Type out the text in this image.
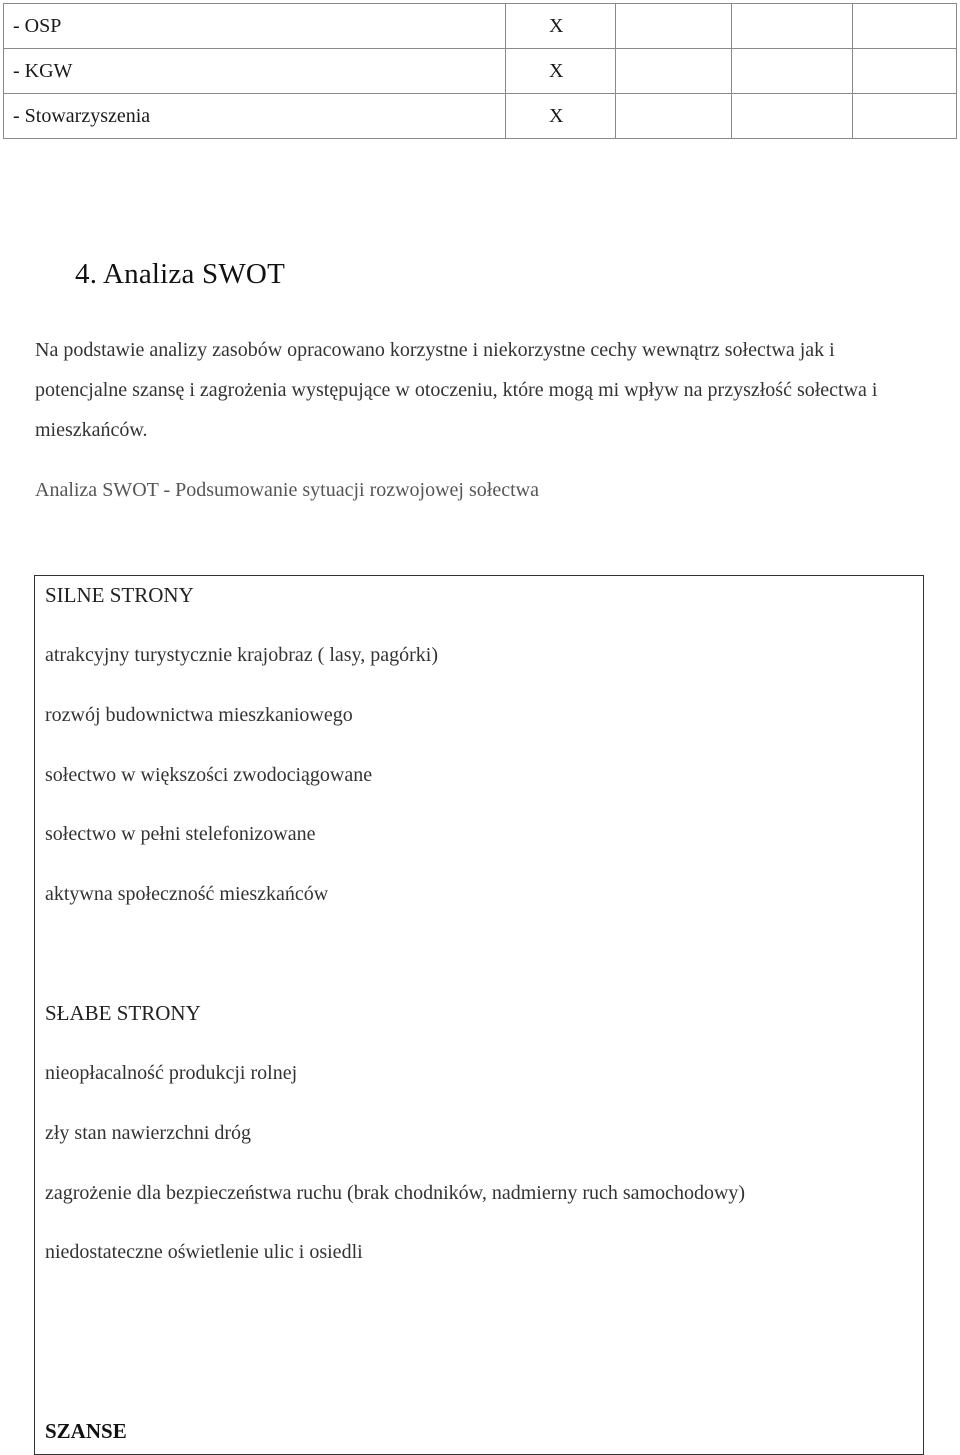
- OSP	X			
- KGW	X			
- Stowarzyszenia	X			
4. Analiza SWOT

Na podstawie analizy zasobów opracowano korzystne i niekorzystne cechy wewnątrz sołectwa jak i potencjalne szansę i zagrożenia występujące w otoczeniu, które mogą mi wpływ na przyszłość sołectwa i mieszkańców.

Analiza SWOT - Podsumowanie sytuacji rozwojowej sołectwa

SILNE STRONY

atrakcyjny turystycznie krajobraz ( lasy, pagórki)

rozwój budownictwa mieszkaniowego

sołectwo w większości zwodociągowane

sołectwo w pełni stelefonizowane

aktywna społeczność mieszkańców

SŁABE STRONY

nieopłacalność produkcji rolnej

zły stan nawierzchni dróg

zagrożenie dla bezpieczeństwa ruchu (brak chodników, nadmierny ruch samochodowy)

niedostateczne oświetlenie ulic i osiedli

SZANSE
